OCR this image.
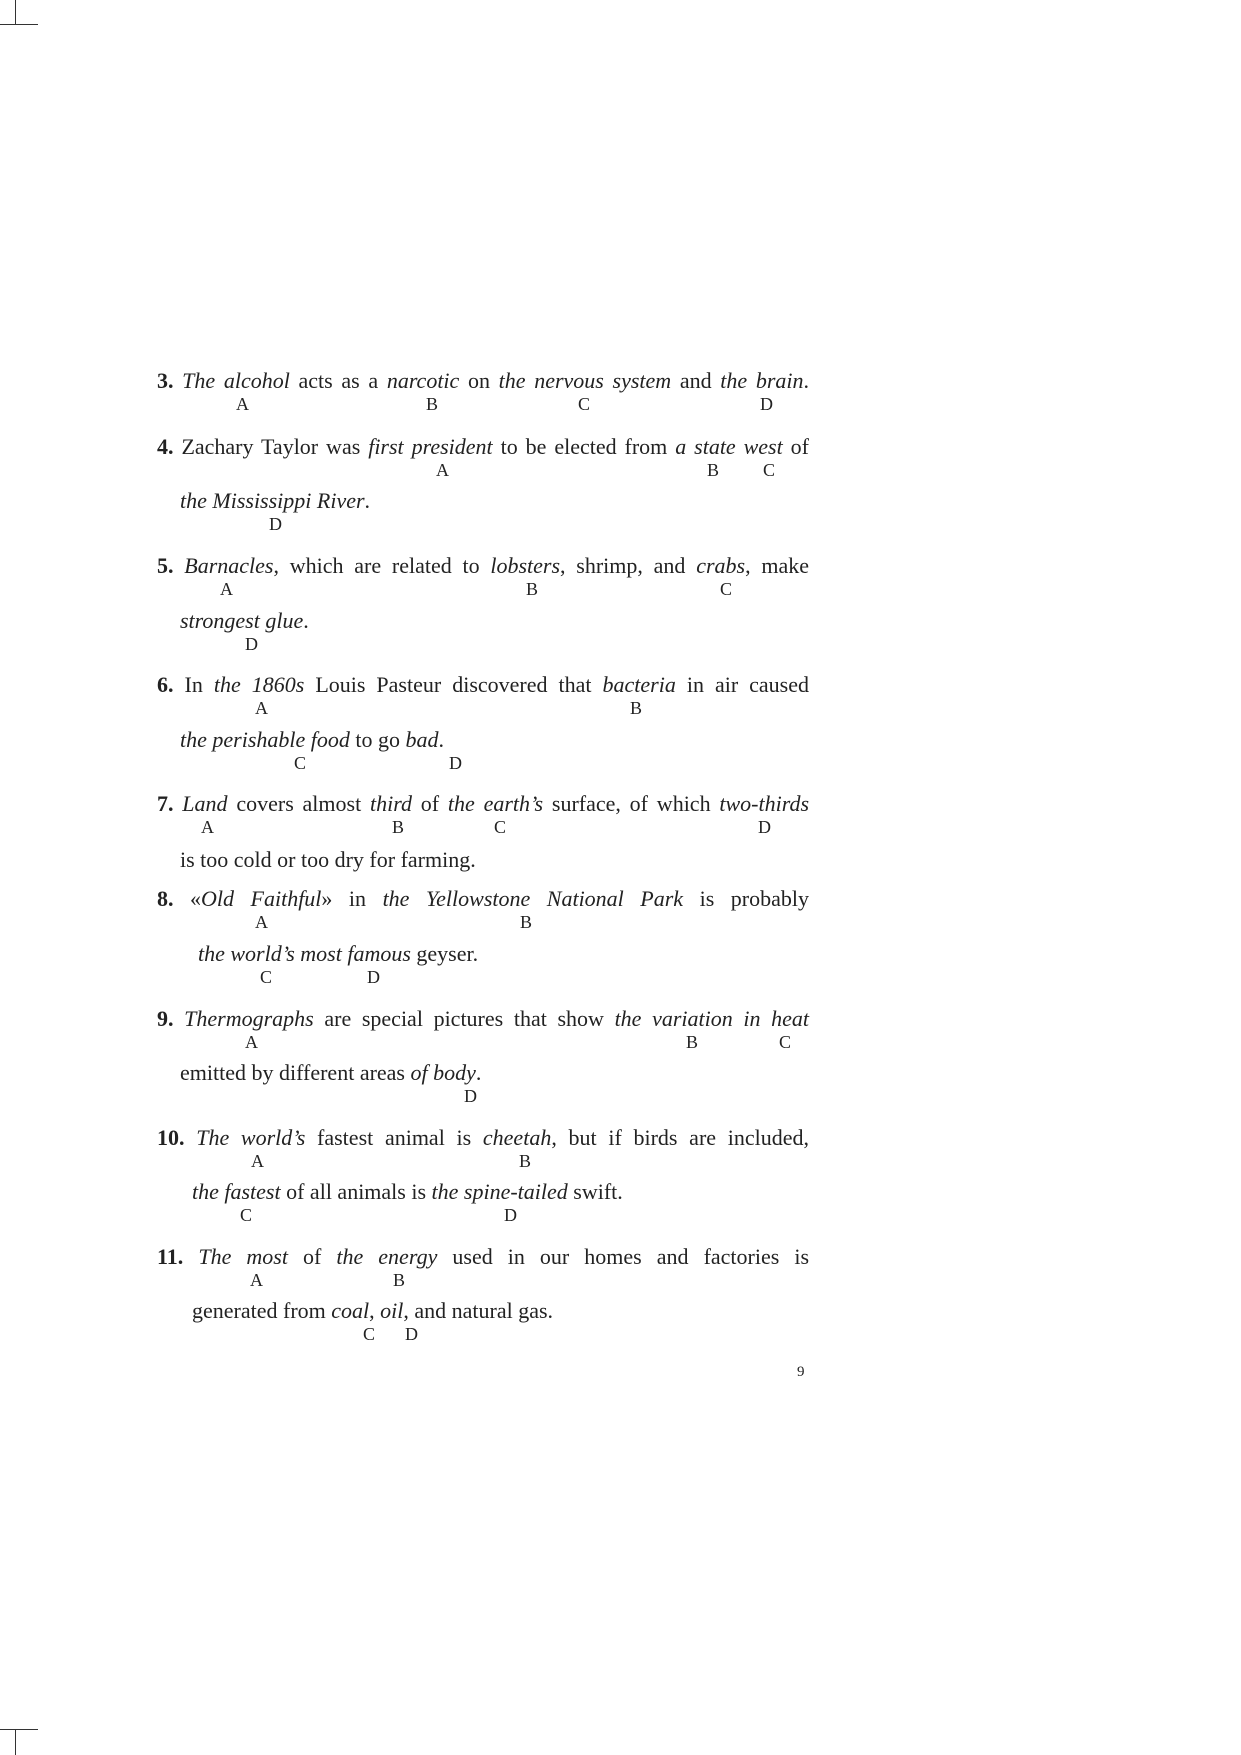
3. The alcohol acts as a narcotic on the nervous system and the brain.
A	B	C	D
4. Zachary Taylor was first president to be elected from a state west of
A	B C
the Mississippi River.
D
5. Barnacles, which are related to lobsters, shrimp, and crabs, make
A	B	C
strongest glue.
D
6. In the 1860s Louis Pasteur discovered that bacteria in air caused
A	B
the perishable food to go bad.
C	D
7. Land covers almost third of the earth’s surface, of which two-thirds
A	B	C	D
is too cold or too dry for farming.
8. «Old Faithful» in the Yellowstone National Park is probably
A	B
the world’s most famous geyser.
C	D
9. Thermographs are special pictures that show the variation in heat
A	B	C
emitted by different areas of body.
D
10. The world’s fastest animal is cheetah, but if birds are included,
A	B
the fastest of all animals is the spine-tailed swift.
C	D
11. The most of the energy used in our homes and factories is
A	B
generated from coal, oil, and natural gas.
C D
9
